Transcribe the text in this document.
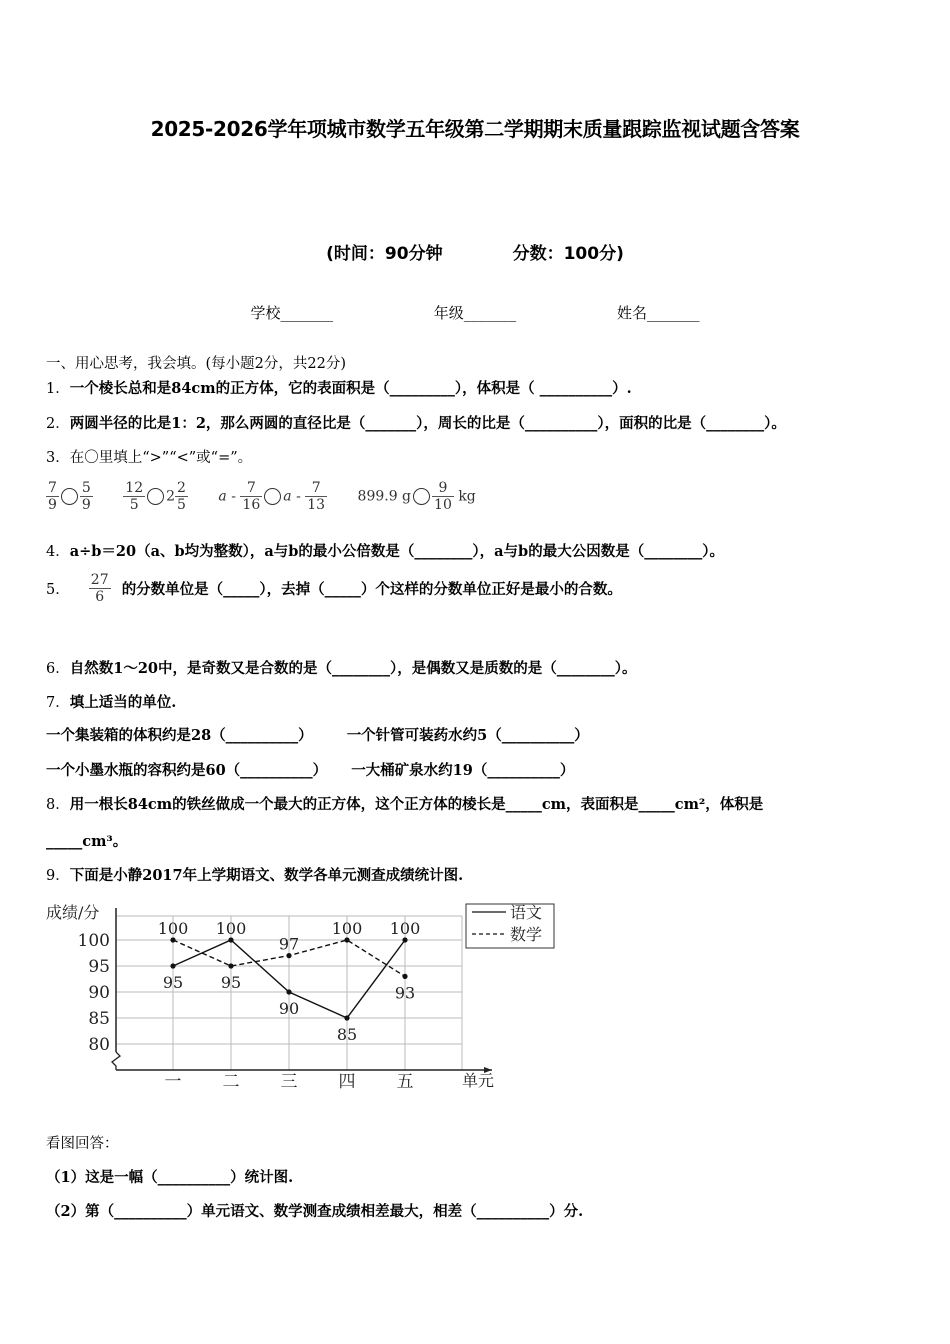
2025-2026学年项城市数学五年级第二学期期末质量跟踪监视试题含答案
(时间：90分钟	分数：100分)
学校_______	年级_______	姓名_______
一、用心思考，我会填。(每小题2分，共22分)
1．一个棱长总和是84cm的正方体，它的表面积是（_________），体积是（ __________）.
2．两圆半径的比是1：2，那么两圆的直径比是（_______），周长的比是（__________），面积的比是（________）。
3．在〇里填上“>”“<”或“=”。
$\frac{7}{9} \frac{5}{9}$
$\frac{12}{5} 2 \frac{2}{5}$ a - $\frac{7}{16}$ a - $\frac{7}{13} 899.9$ g $\frac{9}{10}$ kg
4．a÷b＝20（a、b均为整数），a与b的最小公倍数是（________），a与b的最大公因数是（________）。
5． $\frac{27}{6}$ 的分数单位是（_____），去掉（_____）个这样的分数单位正好是最小的合数。
6．自然数1～20中，是奇数又是合数的是（________），是偶数又是质数的是（________）。
7．填上适当的单位.
一个集装箱的体积约是28（__________） 一个针管可装药水约5（__________）
一个小墨水瓶的容积约是60（__________） 一大桶矿泉水约19（__________）
8．用一根长84cm的铁丝做成一个最大的正方体，这个正方体的棱长是_____cm，表面积是_____cm²，体积是
_____cm³。
9．下面是小静2017年上学期语文、数学各单元测查成绩统计图.
100
95
90
85
80
一 二 三 四 五
95
100
90
85
100
100
95
97
100
93
成绩/分
单元
语文
数学
看图回答：
（1）这是一幅（__________）统计图.
（2）第（__________）单元语文、数学测查成绩相差最大，相差（__________）分.
